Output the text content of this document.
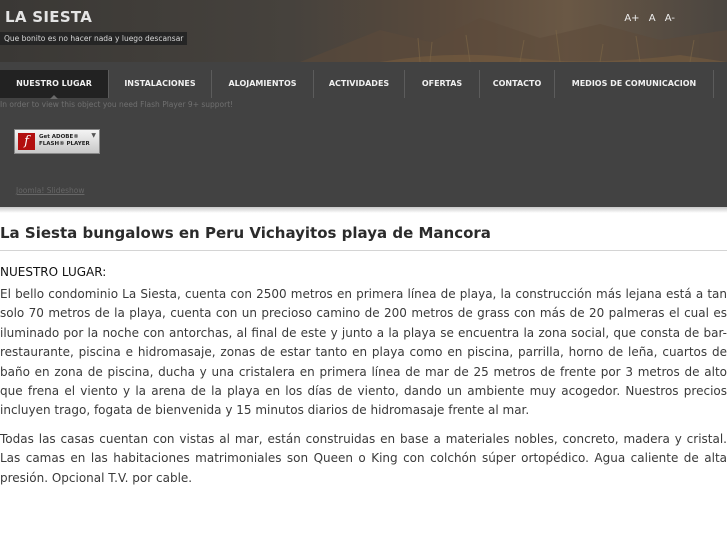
LA SIESTA
Que bonito es no hacer nada y luego descansar
A+ A A-
NUESTRO LUGAR	INSTALACIONES	ALOJAMIENTOS	ACTIVIDADES	OFERTAS	CONTACTO	MEDIOS DE COMUNICACION
In order to view this object you need Flash Player 9+ support!
f	Get ADOBE®
FLASH® PLAYER
▼
Joomla! Slideshow
La Siesta bungalows en Peru Vichayitos playa de Mancora
NUESTRO LUGAR:

El bello condominio La Siesta, cuenta con 2500 metros en primera línea de playa, la construcción más lejana está a tan solo 70 metros de la playa, cuenta con un precioso camino de 200 metros de grass con más de 20 palmeras el cual es iluminado por la noche con antorchas, al final de este y junto a la playa se encuentra la zona social, que consta de bar-restaurante, piscina e hidromasaje, zonas de estar tanto en playa como en piscina, parrilla, horno de leña, cuartos de baño en zona de piscina, ducha y una cristalera en primera línea de mar de 25 metros de frente por 3 metros de alto que frena el viento y la arena de la playa en los días de viento, dando un ambiente muy acogedor. Nuestros precios incluyen trago, fogata de bienvenida y 15 minutos diarios de hidromasaje frente al mar.

Todas las casas cuentan con vistas al mar, están construidas en base a materiales nobles, concreto, madera y cristal. Las camas en las habitaciones matrimoniales son Queen o King con colchón súper ortopédico. Agua caliente de alta presión. Opcional T.V. por cable.
